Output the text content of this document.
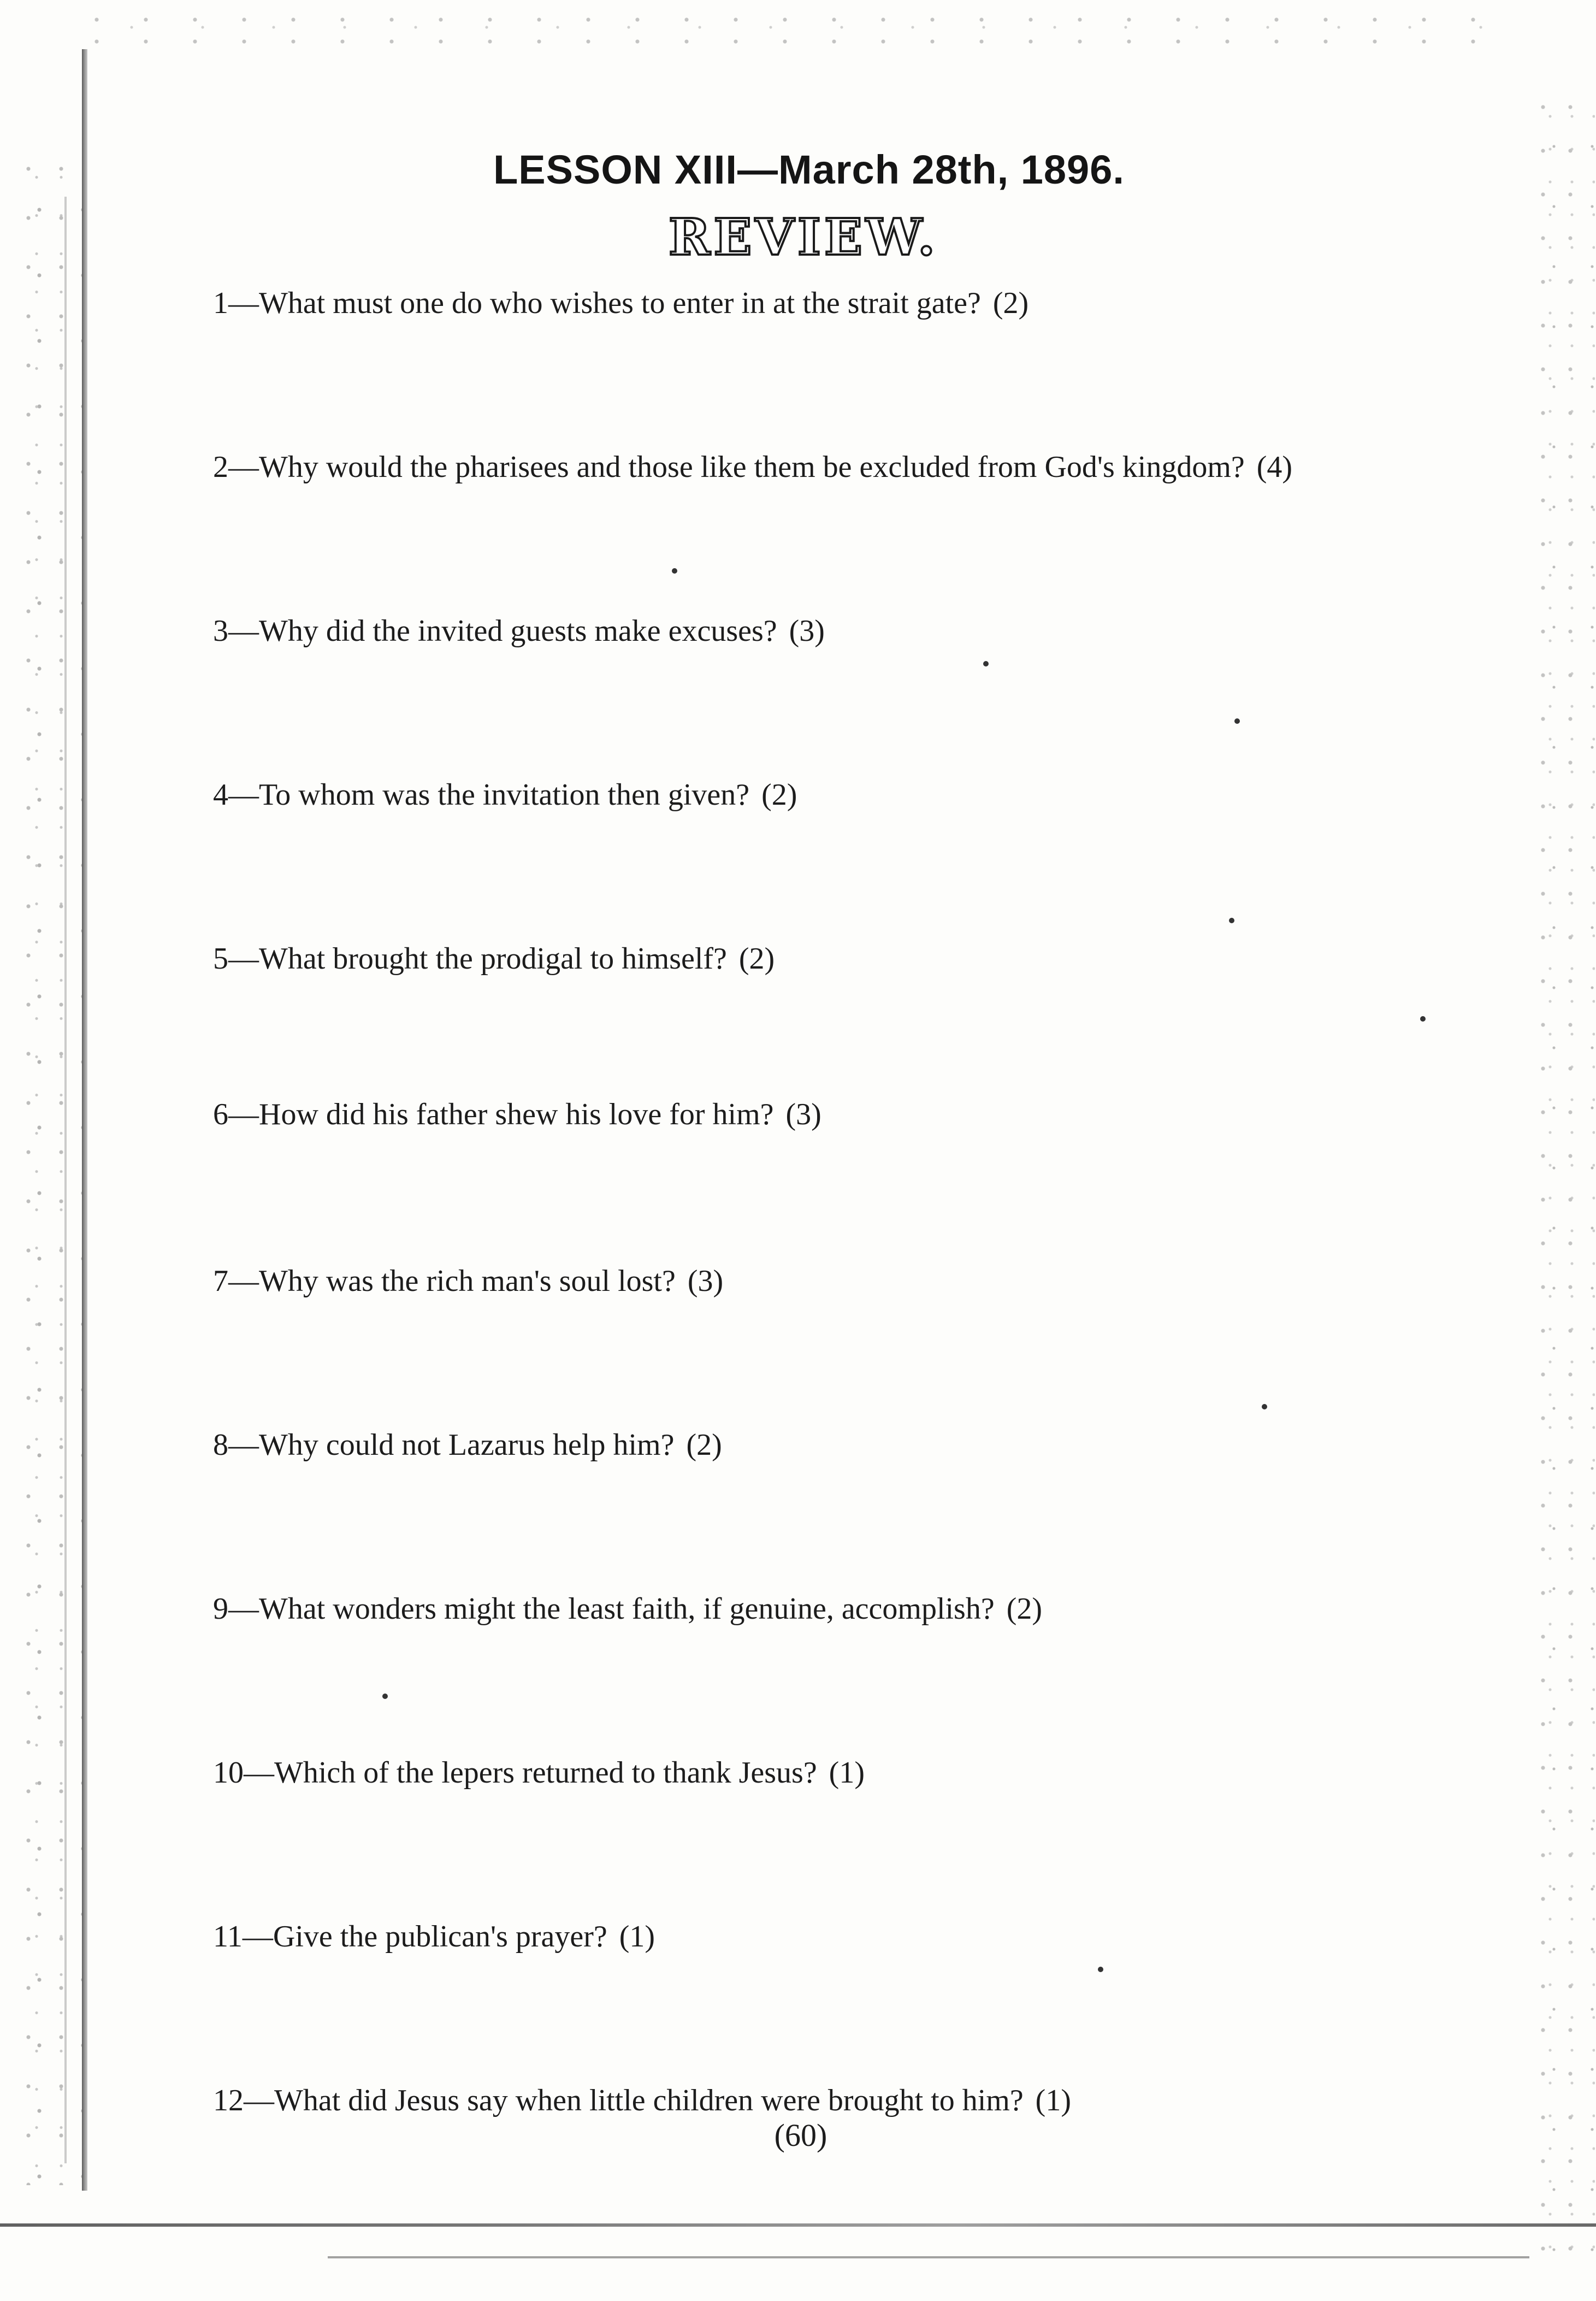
LESSON XIII—March 28th, 1896.
REVIEW.
1—What must one do who wishes to enter in at the strait gate? (2)
2—Why would the pharisees and those like them be excluded from God's kingdom? (4)
3—Why did the invited guests make excuses? (3)
4—To whom was the invitation then given? (2)
5—What brought the prodigal to himself? (2)
6—How did his father shew his love for him? (3)
7—Why was the rich man's soul lost? (3)
8—Why could not Lazarus help him? (2)
9—What wonders might the least faith, if genuine, accomplish? (2)
10—Which of the lepers returned to thank Jesus? (1)
11—Give the publican's prayer? (1)
12—What did Jesus say when little children were brought to him? (1)
(60)
